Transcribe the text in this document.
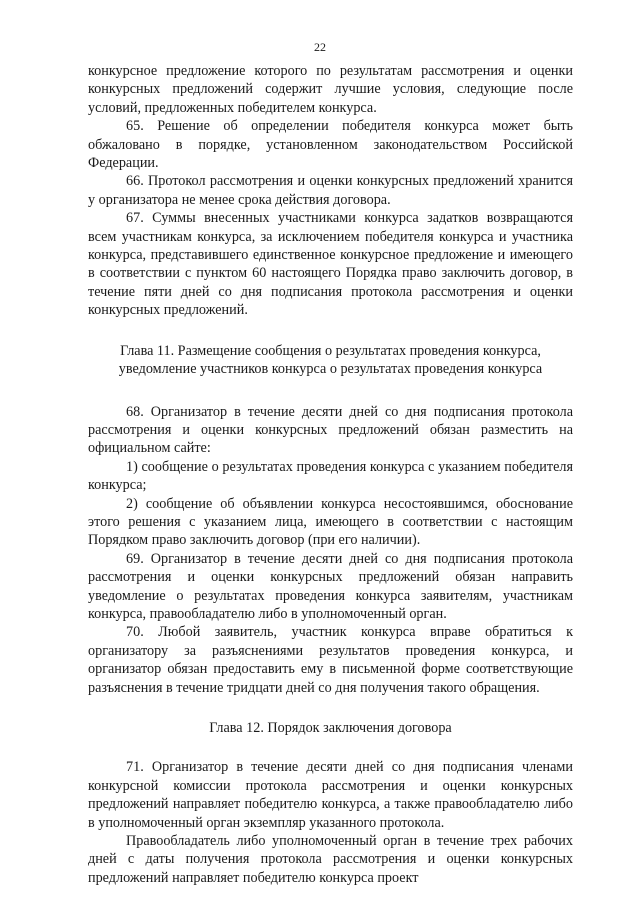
22

конкурсное предложение которого по результатам рассмотрения и оценки конкурсных предложений содержит лучшие условия, следующие после условий, предложенных победителем конкурса.

65. Решение об определении победителя конкурса может быть обжаловано в порядке, установленном законодательством Российской Федерации.

66. Протокол рассмотрения и оценки конкурсных предложений хранится у организатора не менее срока действия договора.

67. Суммы внесенных участниками конкурса задатков возвращаются всем участникам конкурса, за исключением победителя конкурса и участника конкурса, представившего единственное конкурсное предложение и имеющего в соответствии с пунктом 60 настоящего Порядка право заключить договор, в течение пяти дней со дня подписания протокола рассмотрения и оценки конкурсных предложений.

Глава 11. Размещение сообщения о результатах проведения конкурса,
уведомление участников конкурса о результатах проведения конкурса

68. Организатор в течение десяти дней со дня подписания протокола рассмотрения и оценки конкурсных предложений обязан разместить на официальном сайте:

1) сообщение о результатах проведения конкурса с указанием победителя конкурса;

2) сообщение об объявлении конкурса несостоявшимся, обоснование этого решения с указанием лица, имеющего в соответствии с настоящим Порядком право заключить договор (при его наличии).

69. Организатор в течение десяти дней со дня подписания протокола рассмотрения и оценки конкурсных предложений обязан направить уведомление о результатах проведения конкурса заявителям, участникам конкурса, правообладателю либо в уполномоченный орган.

70. Любой заявитель, участник конкурса вправе обратиться к организатору за разъяснениями результатов проведения конкурса, и организатор обязан предоставить ему в письменной форме соответствующие разъяснения в течение тридцати дней со дня получения такого обращения.

Глава 12. Порядок заключения договора

71. Организатор в течение десяти дней со дня подписания членами конкурсной комиссии протокола рассмотрения и оценки конкурсных предложений направляет победителю конкурса, а также правообладателю либо в уполномоченный орган экземпляр указанного протокола.

Правообладатель либо уполномоченный орган в течение трех рабочих дней с даты получения протокола рассмотрения и оценки конкурсных предложений направляет победителю конкурса проект
